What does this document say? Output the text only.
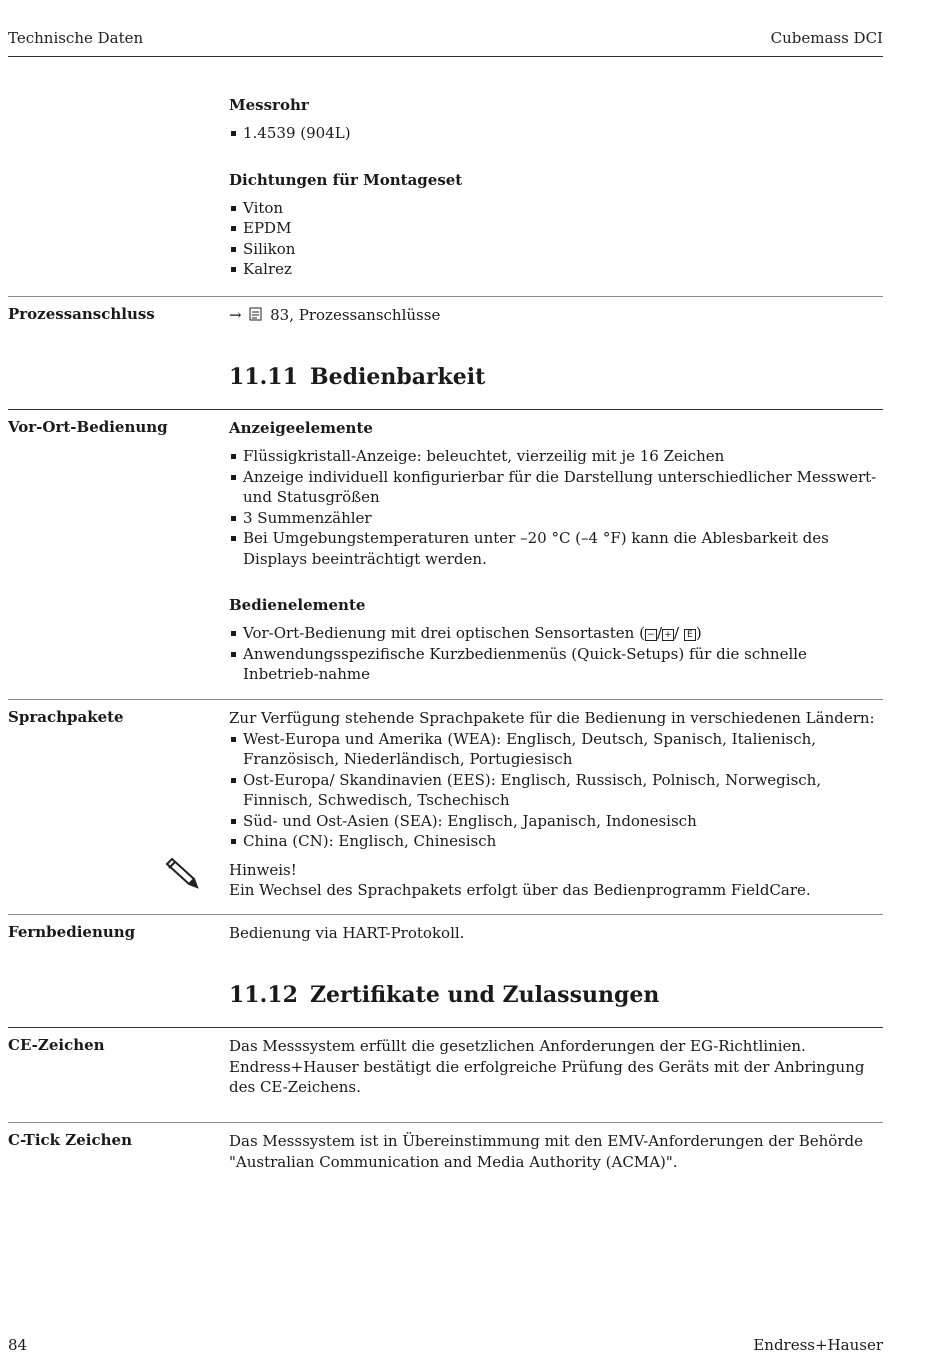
Technische Daten	Cubemass DCI
Messrohr
1.4539 (904L)
Dichtungen für Montageset
Viton
EPDM
Silikon
Kalrez
Prozessanschluss	→ 83, Prozessanschlüsse
11.11 Bedienbarkeit
Vor-Ort-Bedienung	Anzeigeelemente
Flüssigkristall-Anzeige: beleuchtet, vierzeilig mit je 16 Zeichen
Anzeige individuell konfigurierbar für die Darstellung unterschiedlicher Messwert- und Statusgrößen
3 Summenzähler
Bei Umgebungstemperaturen unter –20 °C (–4 °F) kann die Ablesbarkeit des Displays beeinträchtigt werden.
Bedienelemente
Vor-Ort-Bedienung mit drei optischen Sensortasten ( − / + / E )
Anwendungsspezifische Kurzbedienmenüs (Quick-Setups) für die schnelle Inbetrieb-nahme
Sprachpakete	Zur Verfügung stehende Sprachpakete für die Bedienung in verschiedenen Ländern:
West-Europa und Amerika (WEA): Englisch, Deutsch, Spanisch, Italienisch, Französisch, Niederländisch, Portugiesisch
Ost-Europa/ Skandinavien (EES): Englisch, Russisch, Polnisch, Norwegisch, Finnisch, Schwedisch, Tschechisch
Süd- und Ost-Asien (SEA): Englisch, Japanisch, Indonesisch
China (CN): Englisch, Chinesisch
Hinweis!
Ein Wechsel des Sprachpakets erfolgt über das Bedienprogramm FieldCare.
Fernbedienung	Bedienung via HART-Protokoll.
11.12 Zertifikate und Zulassungen
CE-Zeichen	Das Messsystem erfüllt die gesetzlichen Anforderungen der EG-Richtlinien.
Endress+Hauser bestätigt die erfolgreiche Prüfung des Geräts mit der Anbringung des CE-Zeichens.
C-Tick Zeichen	Das Messsystem ist in Übereinstimmung mit den EMV-Anforderungen der Behörde "Australian Communication and Media Authority (ACMA)".
84	Endress+Hauser
